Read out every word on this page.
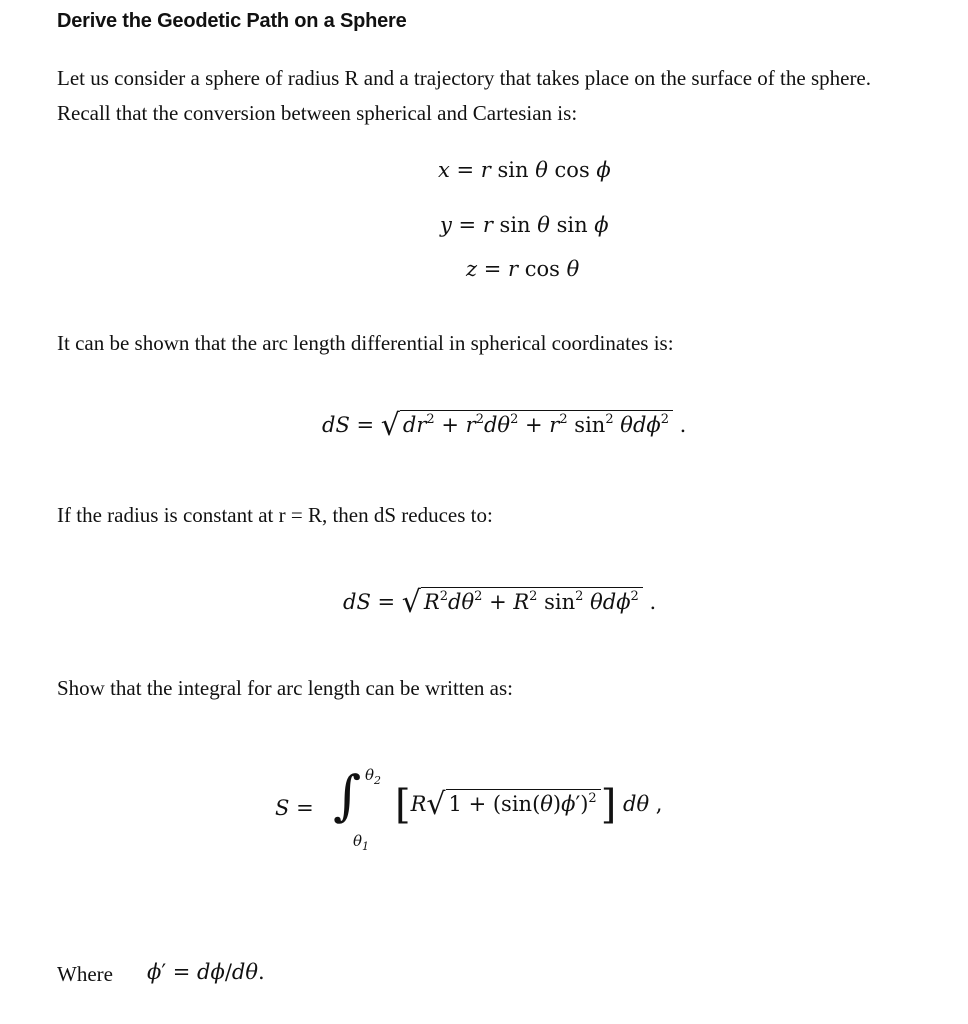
Derive the Geodetic Path on a Sphere
Let us consider a sphere of radius R and a trajectory that takes place on the surface of the sphere.
Recall that the conversion between spherical and Cartesian is:
x = r sin θ cos ϕ
y = r sin θ sin ϕ
z = r cos θ
It can be shown that the arc length differential in spherical coordinates is:
dS = √ $dr^2 + r^2d\theta^2 + r^2$ $\sin^2 \theta d\phi^2$ .
If the radius is constant at r = R, then dS reduces to:
dS = √ $R^2d\theta^2 + R^2$ $\sin^2 \theta d\phi^2$ .
Show that the integral for arc length can be written as:
S = ∫ $\theta_2$
$\theta_1$
[R√ $1 + (\sin(\theta)\phi')^2$ ] dθ ,
Where ϕ′ = dϕ/dθ.
